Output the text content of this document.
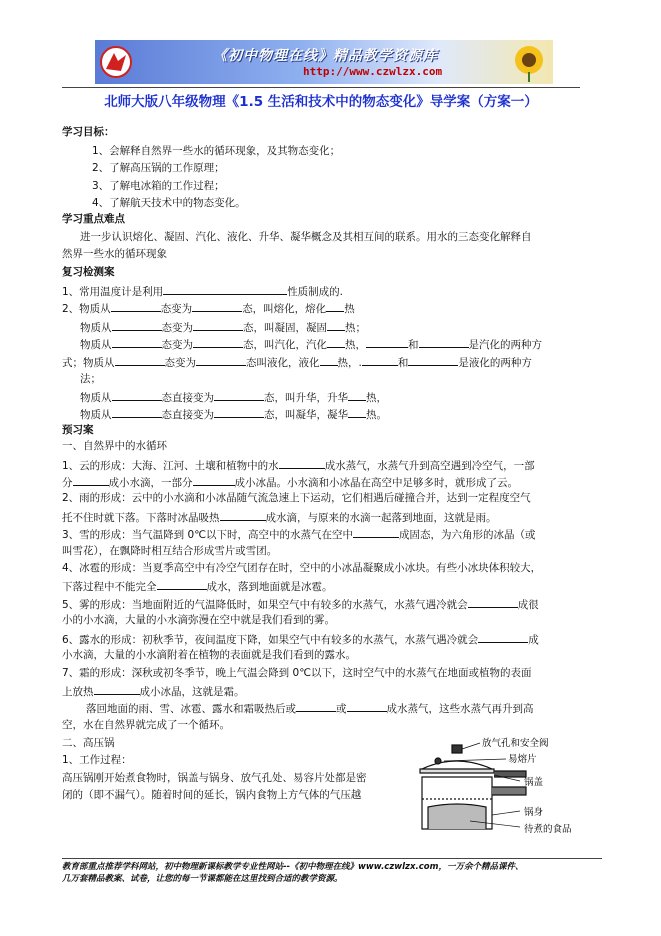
《初中物理在线》精品教学资源库
http://www.czwlzx.com
北师大版八年级物理《1.5 生活和技术中的物态变化》导学案（方案一）
学习目标：
1、会解释自然界一些水的循环现象，及其物态变化；
2、了解高压锅的工作原理；
3、了解电冰箱的工作过程；
4、了解航天技术中的物态变化。
学习重点难点
进一步认识熔化、凝固、汽化、液化、升华、凝华概念及其相互间的联系。用水的三态变化解释自
然界一些水的循环现象
复习检测案
1、常用温度计是利用	性质制成的.
2、物质从	态变为	态，叫熔化，熔化 热
物质从	态变为	态，叫凝固，凝固 热；
物质从	态变为	态，叫汽化，汽化 热，	和	是汽化的两种方
式；物质从	态变为	态叫液化，液化 热，.	和	是液化的两种方
法；
物质从	态直接变为	态，叫升华，升华 热，
物质从	态直接变为	态，叫凝华，凝华 热。
预习案
一、自然界中的水循环
1、云的形成：大海、江河、土壤和植物中的水	成水蒸气，水蒸气升到高空遇到冷空气，一部
分	成小水滴，一部分	成小冰晶。小水滴和小冰晶在高空中足够多时，就形成了云。
2、雨的形成：云中的小水滴和小冰晶随气流急速上下运动，它们相遇后碰撞合并，达到一定程度空气
托不住时就下落。下落时冰晶吸热	成水滴，与原来的水滴一起落到地面，这就是雨。
3、雪的形成：当气温降到 0℃以下时，高空中的水蒸气在空中	成固态，为六角形的冰晶（或
叫雪花），在飘降时相互结合形成雪片或雪团。
4、冰雹的形成：当夏季高空中有冷空气团存在时，空中的小冰晶凝聚成小冰块。有些小冰块体积较大，
下落过程中不能完全	成水，落到地面就是冰雹。
5、雾的形成：当地面附近的气温降低时，如果空气中有较多的水蒸气，水蒸气遇冷就会	成很
小的小水滴，大量的小水滴弥漫在空中就是我们看到的雾。
6、露水的形成：初秋季节，夜间温度下降，如果空气中有较多的水蒸气，水蒸气遇冷就会	成
小水滴，大量的小水滴附着在植物的表面就是我们看到的露水。
7、霜的形成：深秋或初冬季节，晚上气温会降到 0℃以下，这时空气中的水蒸气在地面或植物的表面
上放热	成小冰晶，这就是霜。
落回地面的雨、雪、冰雹、露水和霜吸热后或	或	成水蒸气，这些水蒸气再升到高
空，水在自然界就完成了一个循环。
二、高压锅
1、工作过程：
高压锅刚开始煮食物时，锅盖与锅身、放气孔处、易容片处都是密
闭的（即不漏气）。随着时间的延长，锅内食物上方气体的气压越
放气孔和安全阀
易熔片
锅盖
锅身
待煮的食品
教育部重点推荐学科网站，初中物理新课标教学专业性网站--《初中物理在线》www.czwlzx.com，一万余个精品课件、
几万套精品教案、试卷，让您的每一节课都能在这里找到合适的教学资源。
